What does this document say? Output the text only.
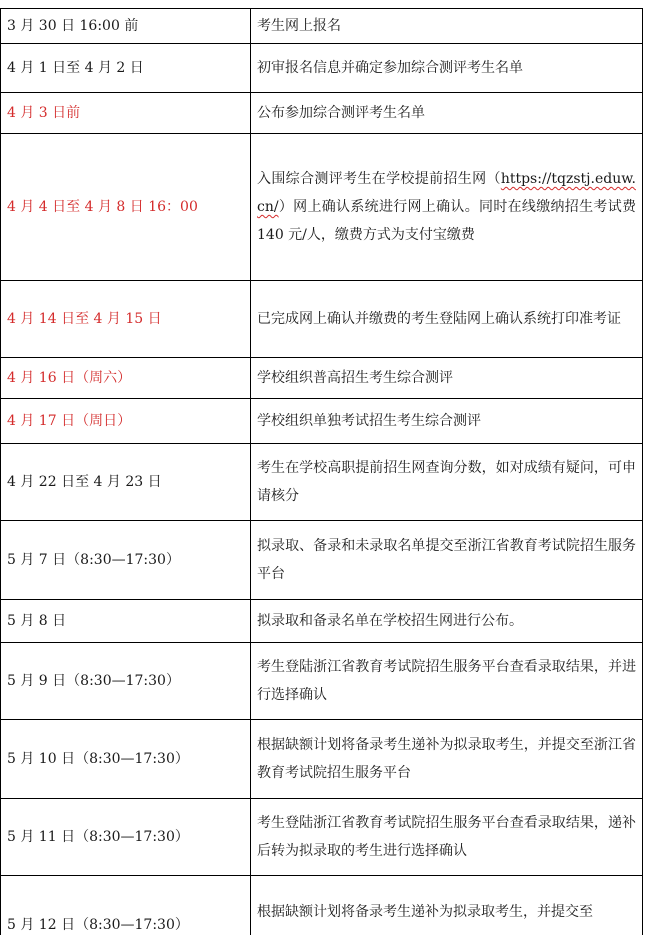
3 月 30 日 16:00 前	考生网上报名
4 月 1 日至 4 月 2 日	初审报名信息并确定参加综合测评考生名单
4 月 3 日前	公布参加综合测评考生名单
4 月 4 日至 4 月 8 日 16：00	入围综合测评考生在学校提前招生网（https://tqzstj.eduw.cn/）网上确认系统进行网上确认。同时在线缴纳招生考试费 140 元/人，缴费方式为支付宝缴费
4 月 14 日至 4 月 15 日	已完成网上确认并缴费的考生登陆网上确认系统打印准考证
4 月 16 日（周六）	学校组织普高招生考生综合测评
4 月 17 日（周日）	学校组织单独考试招生考生综合测评
4 月 22 日至 4 月 23 日	考生在学校高职提前招生网查询分数，如对成绩有疑问，可申请核分
5 月 7 日（8:30—17:30）	拟录取、备录和未录取名单提交至浙江省教育考试院招生服务平台
5 月 8 日	拟录取和备录名单在学校招生网进行公布。
5 月 9 日（8:30—17:30）	考生登陆浙江省教育考试院招生服务平台查看录取结果，并进行选择确认
5 月 10 日（8:30—17:30）	根据缺额计划将备录考生递补为拟录取考生，并提交至浙江省教育考试院招生服务平台
5 月 11 日（8:30—17:30）	考生登陆浙江省教育考试院招生服务平台查看录取结果，递补后转为拟录取的考生进行选择确认
5 月 12 日（8:30—17:30）	根据缺额计划将备录考生递补为拟录取考生，并提交至
